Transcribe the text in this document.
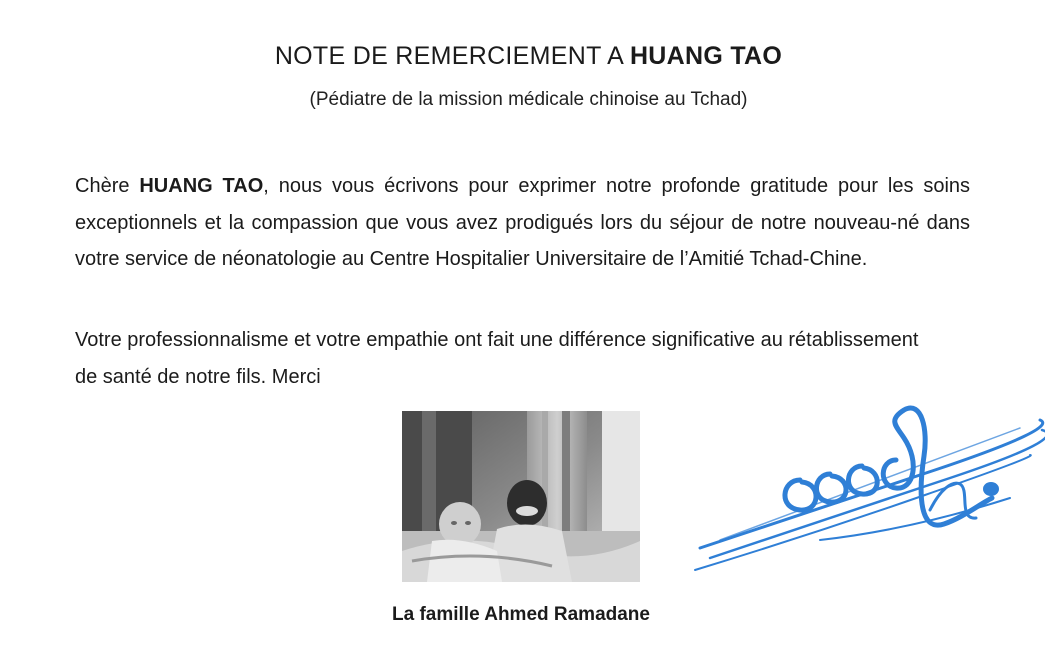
NOTE DE REMERCIEMENT A HUANG TAO
(Pédiatre de la mission médicale chinoise au Tchad)
Chère HUANG TAO, nous vous écrivons pour exprimer notre profonde gratitude pour les soins exceptionnels et la compassion que vous avez prodigués lors du séjour de notre nouveau-né dans votre service de néonatologie au Centre Hospitalier Universitaire de l’Amitié Tchad-Chine.
Votre professionnalisme et votre empathie ont fait une différence significative au rétablissement de santé de notre fils. Merci
La famille Ahmed Ramadane
